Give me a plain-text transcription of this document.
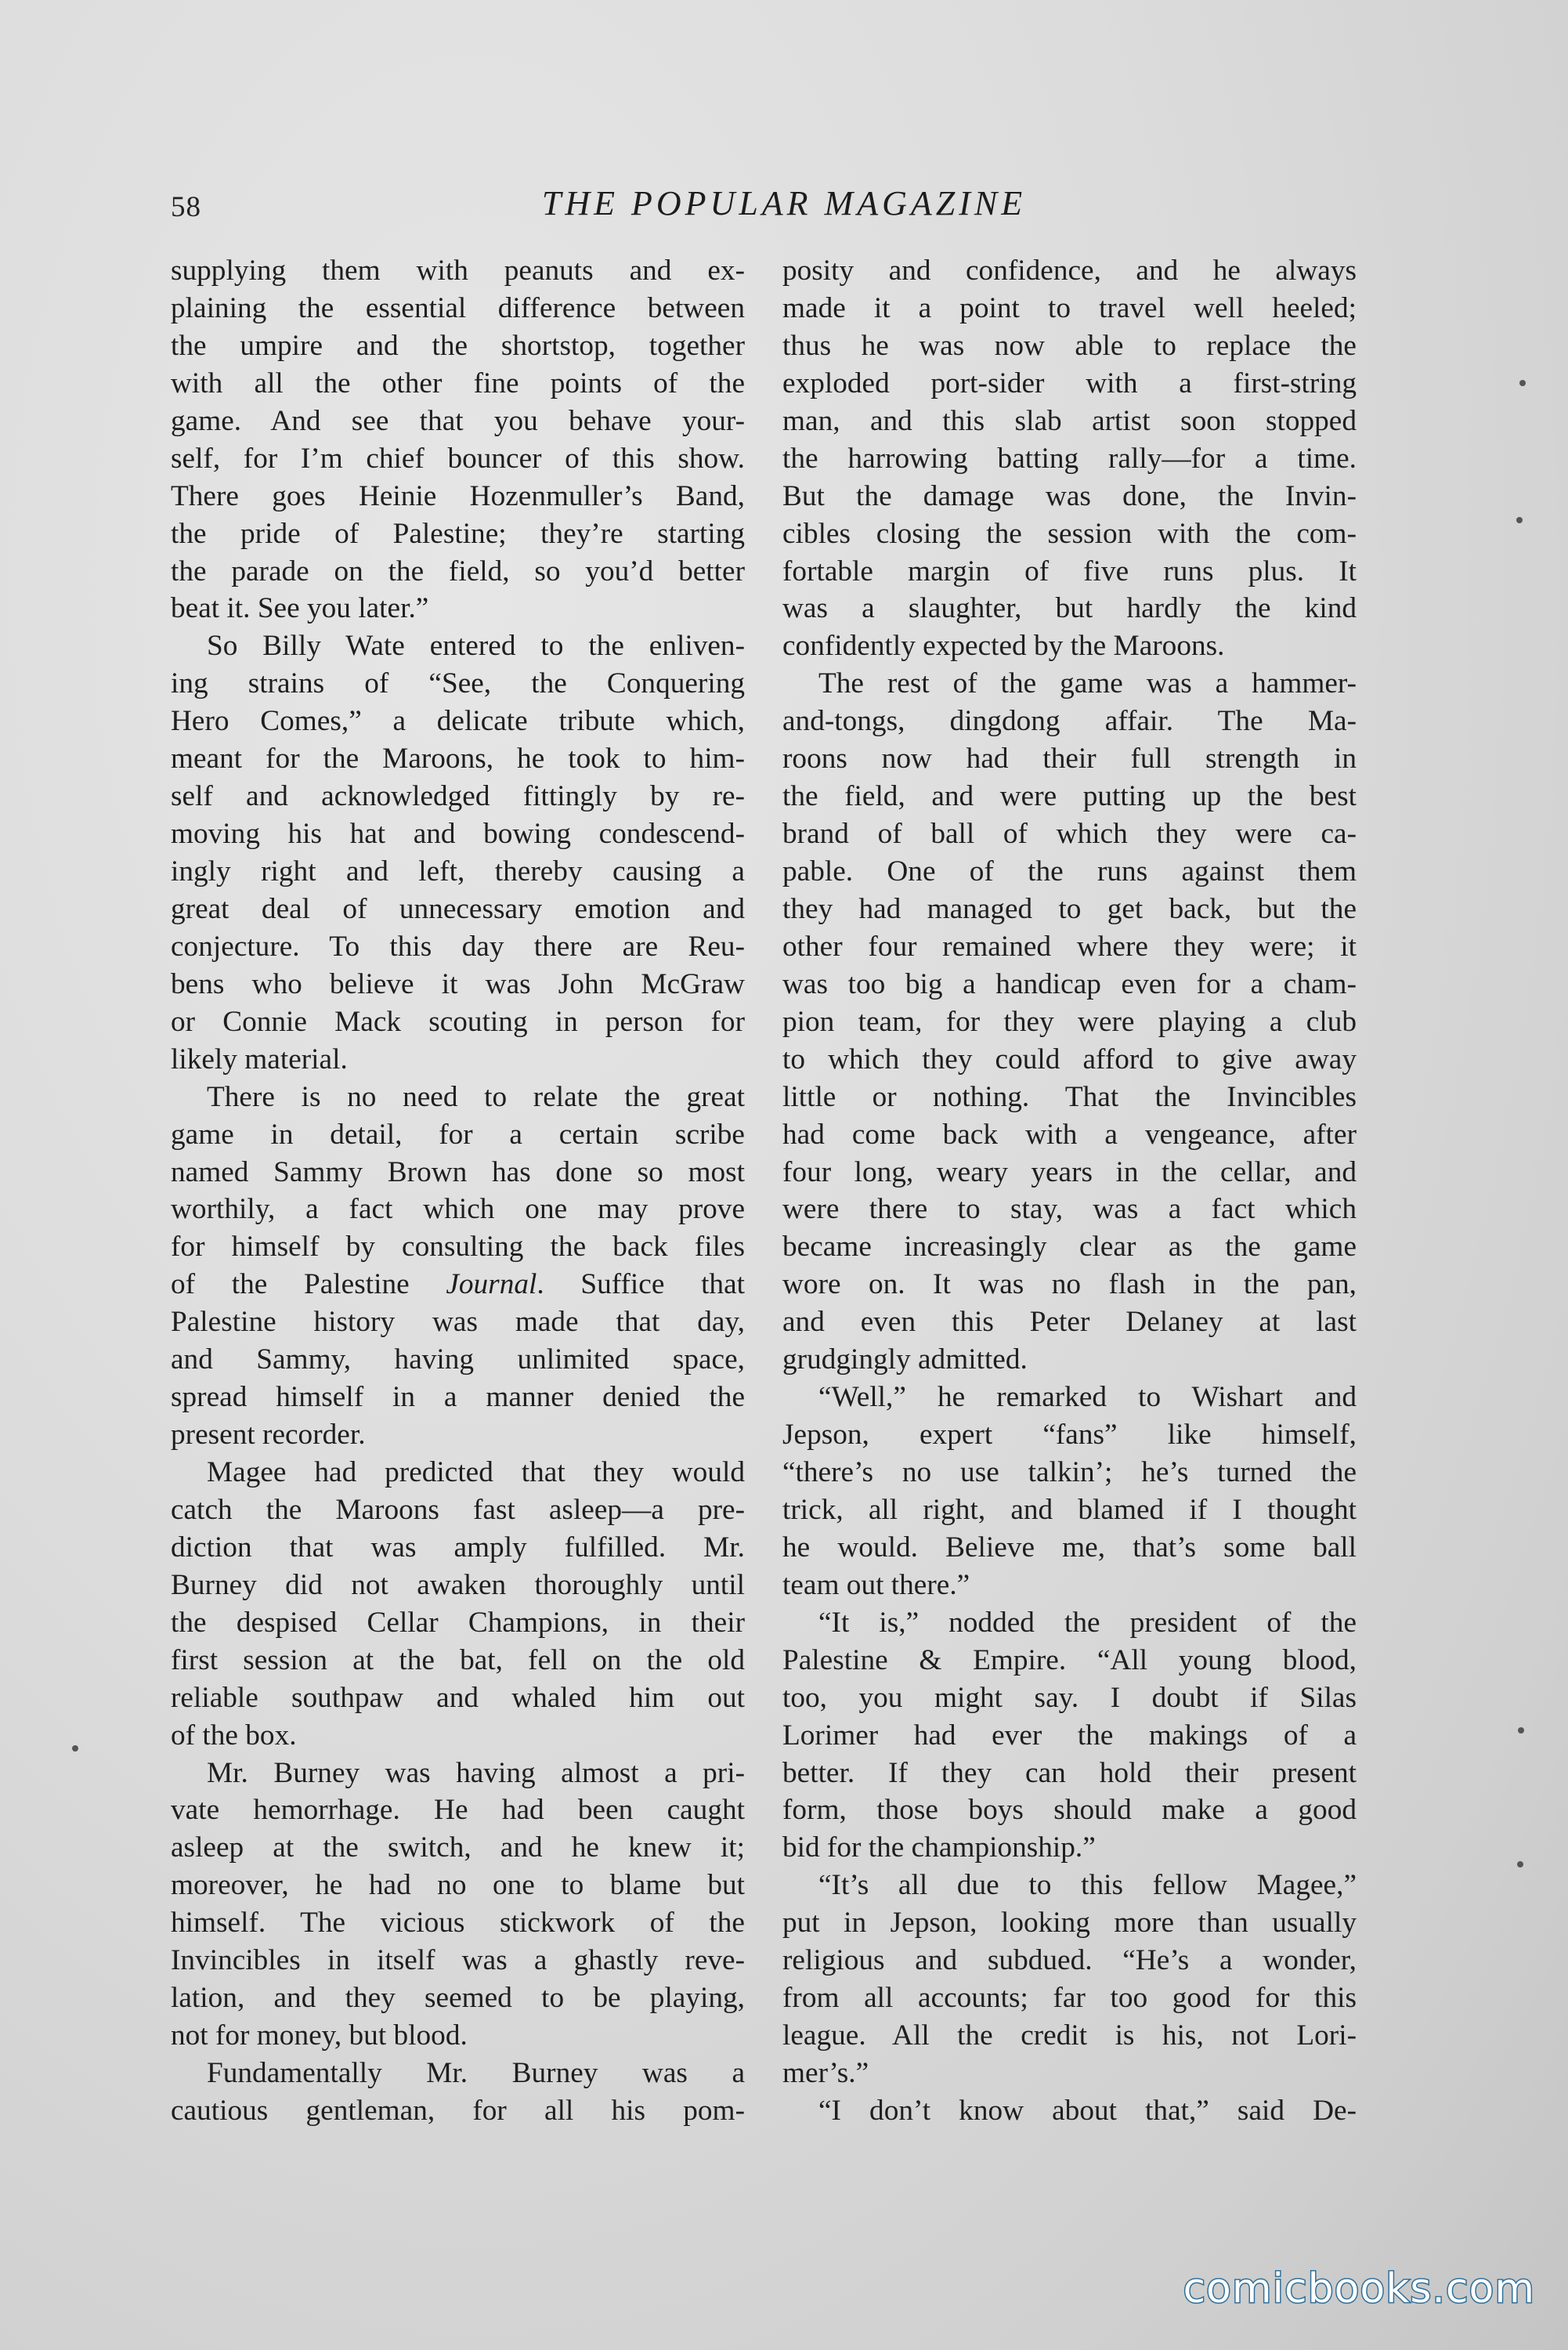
58	THE POPULAR MAGAZINE
supplying them with peanuts and ex-
plaining the essential difference between
the umpire and the shortstop, together
with all the other fine points of the
game. And see that you behave your-
self, for I’m chief bouncer of this show.
There goes Heinie Hozenmuller’s Band,
the pride of Palestine; they’re starting
the parade on the field, so you’d better
beat it. See you later.”
So Billy Wate entered to the enliven-
ing strains of “See, the Conquering
Hero Comes,” a delicate tribute which,
meant for the Maroons, he took to him-
self and acknowledged fittingly by re-
moving his hat and bowing condescend-
ingly right and left, thereby causing a
great deal of unnecessary emotion and
conjecture. To this day there are Reu-
bens who believe it was John McGraw
or Connie Mack scouting in person for
likely material.
There is no need to relate the great
game in detail, for a certain scribe
named Sammy Brown has done so most
worthily, a fact which one may prove
for himself by consulting the back files
of the Palestine Journal. Suffice that
Palestine history was made that day,
and Sammy, having unlimited space,
spread himself in a manner denied the
present recorder.
Magee had predicted that they would
catch the Maroons fast asleep—a pre-
diction that was amply fulfilled. Mr.
Burney did not awaken thoroughly until
the despised Cellar Champions, in their
first session at the bat, fell on the old
reliable southpaw and whaled him out
of the box.
Mr. Burney was having almost a pri-
vate hemorrhage. He had been caught
asleep at the switch, and he knew it;
moreover, he had no one to blame but
himself. The vicious stickwork of the
Invincibles in itself was a ghastly reve-
lation, and they seemed to be playing,
not for money, but blood.
Fundamentally Mr. Burney was a
cautious gentleman, for all his pom-
posity and confidence, and he always
made it a point to travel well heeled;
thus he was now able to replace the
exploded port-sider with a first-string
man, and this slab artist soon stopped
the harrowing batting rally—for a time.
But the damage was done, the Invin-
cibles closing the session with the com-
fortable margin of five runs plus. It
was a slaughter, but hardly the kind
confidently expected by the Maroons.
The rest of the game was a hammer-
and-tongs, dingdong affair. The Ma-
roons now had their full strength in
the field, and were putting up the best
brand of ball of which they were ca-
pable. One of the runs against them
they had managed to get back, but the
other four remained where they were; it
was too big a handicap even for a cham-
pion team, for they were playing a club
to which they could afford to give away
little or nothing. That the Invincibles
had come back with a vengeance, after
four long, weary years in the cellar, and
were there to stay, was a fact which
became increasingly clear as the game
wore on. It was no flash in the pan,
and even this Peter Delaney at last
grudgingly admitted.
“Well,” he remarked to Wishart and
Jepson, expert “fans” like himself,
“there’s no use talkin’; he’s turned the
trick, all right, and blamed if I thought
he would. Believe me, that’s some ball
team out there.”
“It is,” nodded the president of the
Palestine & Empire. “All young blood,
too, you might say. I doubt if Silas
Lorimer had ever the makings of a
better. If they can hold their present
form, those boys should make a good
bid for the championship.”
“It’s all due to this fellow Magee,”
put in Jepson, looking more than usually
religious and subdued. “He’s a wonder,
from all accounts; far too good for this
league. All the credit is his, not Lori-
mer’s.”
“I don’t know about that,” said De-
comicbooks.com
